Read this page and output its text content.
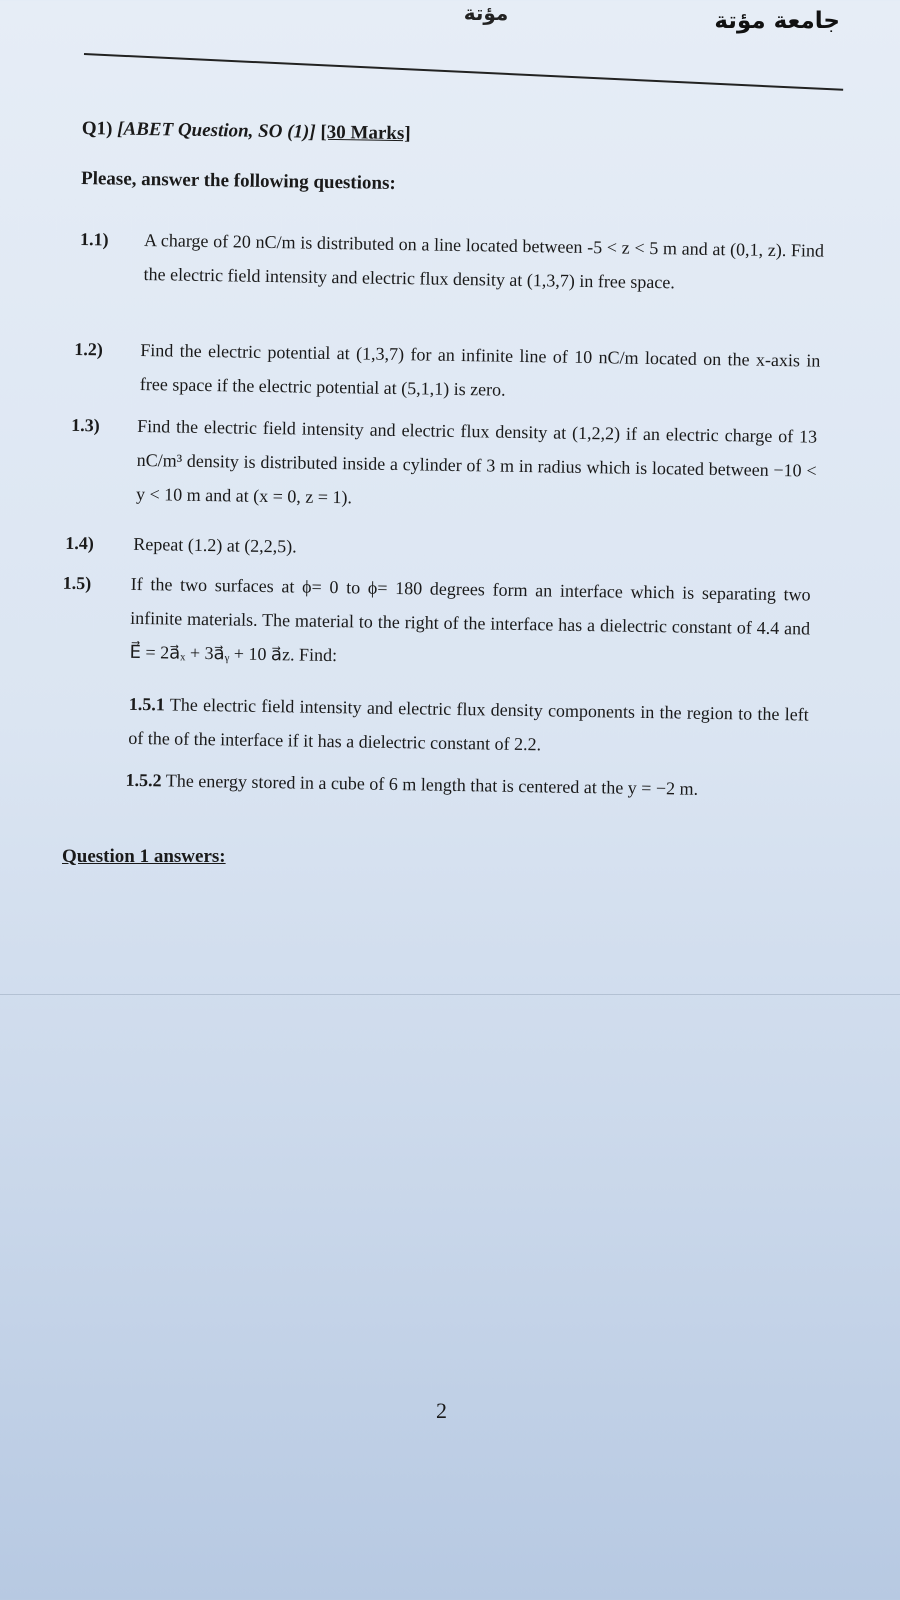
مؤتة	جامعة مؤتة
Q1) [ABET Question, SO (1)] [30 Marks]
Please, answer the following questions:
1.1) A charge of 20 nC/m is distributed on a line located between -5 < z < 5 m and at (0,1, z). Find the electric field intensity and electric flux density at (1,3,7) in free space.
1.2) Find the electric potential at (1,3,7) for an infinite line of 10 nC/m located on the x-axis in free space if the electric potential at (5,1,1) is zero.
1.3) Find the electric field intensity and electric flux density at (1,2,2) if an electric charge of 13 nC/m³ density is distributed inside a cylinder of 3 m in radius which is located between −10 < y < 10 m and at (x = 0, z = 1).
1.4) Repeat (1.2) at (2,2,5).
1.5) If the two surfaces at ϕ= 0 to ϕ= 180 degrees form an interface which is separating two infinite materials. The material to the right of the interface has a dielectric constant of 4.4 and E⃗ = 2a⃗ₓ + 3a⃗ᵧ + 10 a⃗z. Find:
1.5.1 The electric field intensity and electric flux density components in the region to the left of the of the interface if it has a dielectric constant of 2.2.
1.5.2 The energy stored in a cube of 6 m length that is centered at the y = −2 m.
Question 1 answers:
2
